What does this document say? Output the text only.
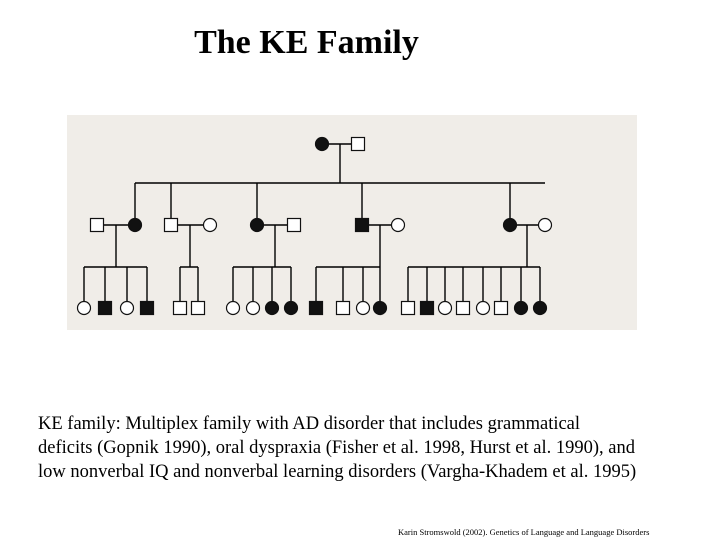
The KE Family
KE family: Multiplex family with AD disorder that includes grammatical
deficits (Gopnik 1990), oral dyspraxia (Fisher et al. 1998, Hurst et al. 1990), and
low nonverbal IQ and nonverbal learning disorders (Vargha-Khadem et al. 1995)
Karin Stromswold (2002). Genetics of Language and Language Disorders
